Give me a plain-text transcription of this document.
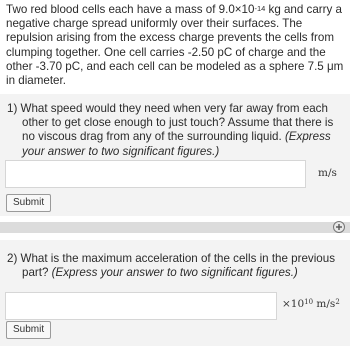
Two red blood cells each have a mass of $9.0\times 10^{-14}$ kg and carry a negative charge spread uniformly over their surfaces. The repulsion arising from the excess charge prevents the cells from clumping together. One cell carries -2.50 pC of charge and the other -3.70 pC, and each cell can be modeled as a sphere 7.5 μm in diameter.

1) What speed would they need when very far away from each
other to get close enough to just touch? Assume that there is no viscous drag from any of the surrounding liquid. (Express your answer to two significant figures.)
m/s
Submit
2) What is the maximum acceleration of the cells in the previous
part? (Express your answer to two significant figures.)
$\times 10^{10}$ $m/s^2$
Submit
